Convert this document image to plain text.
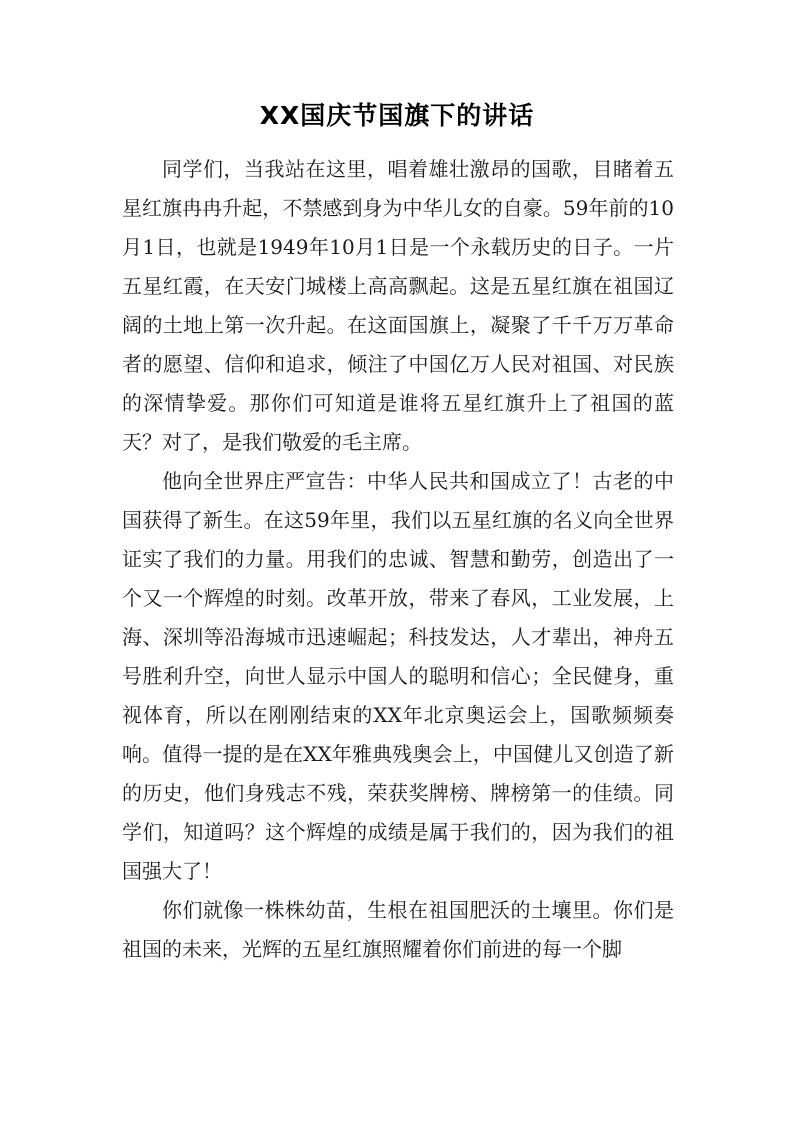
XX国庆节国旗下的讲话

同学们，当我站在这里，唱着雄壮激昂的国歌，目睹着五星红旗冉冉升起，不禁感到身为中华儿女的自豪。59年前的10月1日，也就是1949年10月1日是一个永载历史的日子。一片五星红霞，在天安门城楼上高高飘起。这是五星红旗在祖国辽阔的土地上第一次升起。在这面国旗上，凝聚了千千万万革命者的愿望、信仰和追求，倾注了中国亿万人民对祖国、对民族的深情挚爱。那你们可知道是谁将五星红旗升上了祖国的蓝天？对了，是我们敬爱的毛主席。

他向全世界庄严宣告：中华人民共和国成立了！古老的中国获得了新生。在这59年里，我们以五星红旗的名义向全世界证实了我们的力量。用我们的忠诚、智慧和勤劳，创造出了一个又一个辉煌的时刻。改革开放，带来了春风，工业发展，上海、深圳等沿海城市迅速崛起；科技发达，人才辈出，神舟五号胜利升空，向世人显示中国人的聪明和信心；全民健身，重视体育，所以在刚刚结束的XX年北京奥运会上，国歌频频奏响。值得一提的是在XX年雅典残奥会上，中国健儿又创造了新的历史，他们身残志不残，荣获奖牌榜、牌榜第一的佳绩。同学们，知道吗？这个辉煌的成绩是属于我们的，因为我们的祖国强大了！

你们就像一株株幼苗，生根在祖国肥沃的土壤里。你们是祖国的未来，光辉的五星红旗照耀着你们前进的每一个脚
